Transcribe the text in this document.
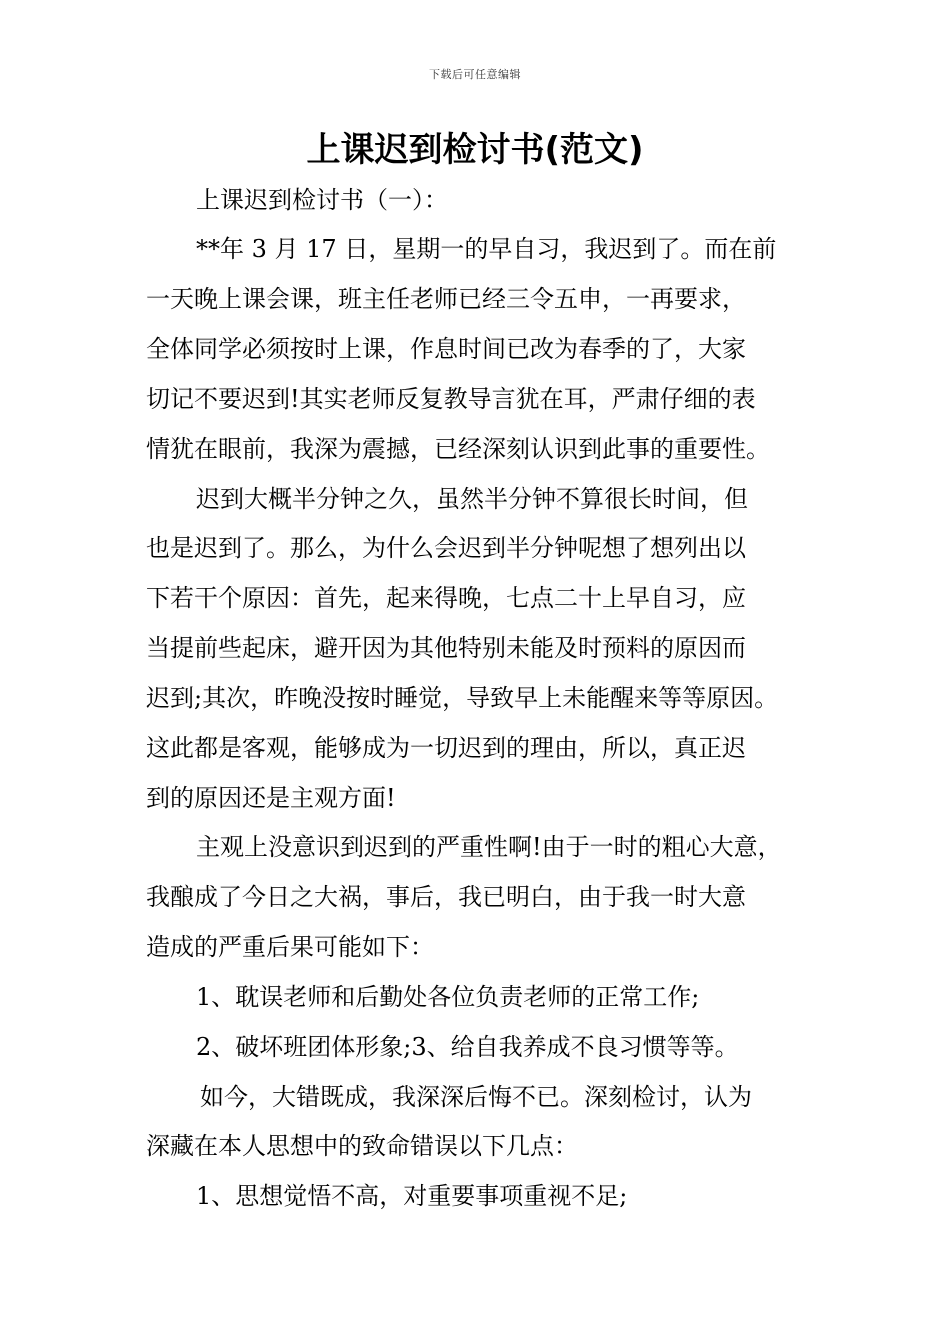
下载后可任意编辑
上课迟到检讨书(范文)
上课迟到检讨书（一）：
**年 3 月 17 日，星期一的早自习，我迟到了。而在前
一天晚上课会课，班主任老师已经三令五申，一再要求，
全体同学必须按时上课，作息时间已改为春季的了，大家
切记不要迟到!其实老师反复教导言犹在耳，严肃仔细的表
情犹在眼前，我深为震撼，已经深刻认识到此事的重要性。
迟到大概半分钟之久，虽然半分钟不算很长时间，但
也是迟到了。那么，为什么会迟到半分钟呢想了想列出以
下若干个原因：首先，起来得晚，七点二十上早自习，应
当提前些起床，避开因为其他特别未能及时预料的原因而
迟到;其次，昨晚没按时睡觉，导致早上未能醒来等等原因。
这此都是客观，能够成为一切迟到的理由，所以，真正迟
到的原因还是主观方面!
主观上没意识到迟到的严重性啊!由于一时的粗心大意，
我酿成了今日之大祸，事后，我已明白，由于我一时大意
造成的严重后果可能如下：
1、耽误老师和后勤处各位负责老师的正常工作;
2、破坏班团体形象;3、给自我养成不良习惯等等。
如今，大错既成，我深深后悔不已。深刻检讨，认为
深藏在本人思想中的致命错误以下几点：
1、思想觉悟不高，对重要事项重视不足;
